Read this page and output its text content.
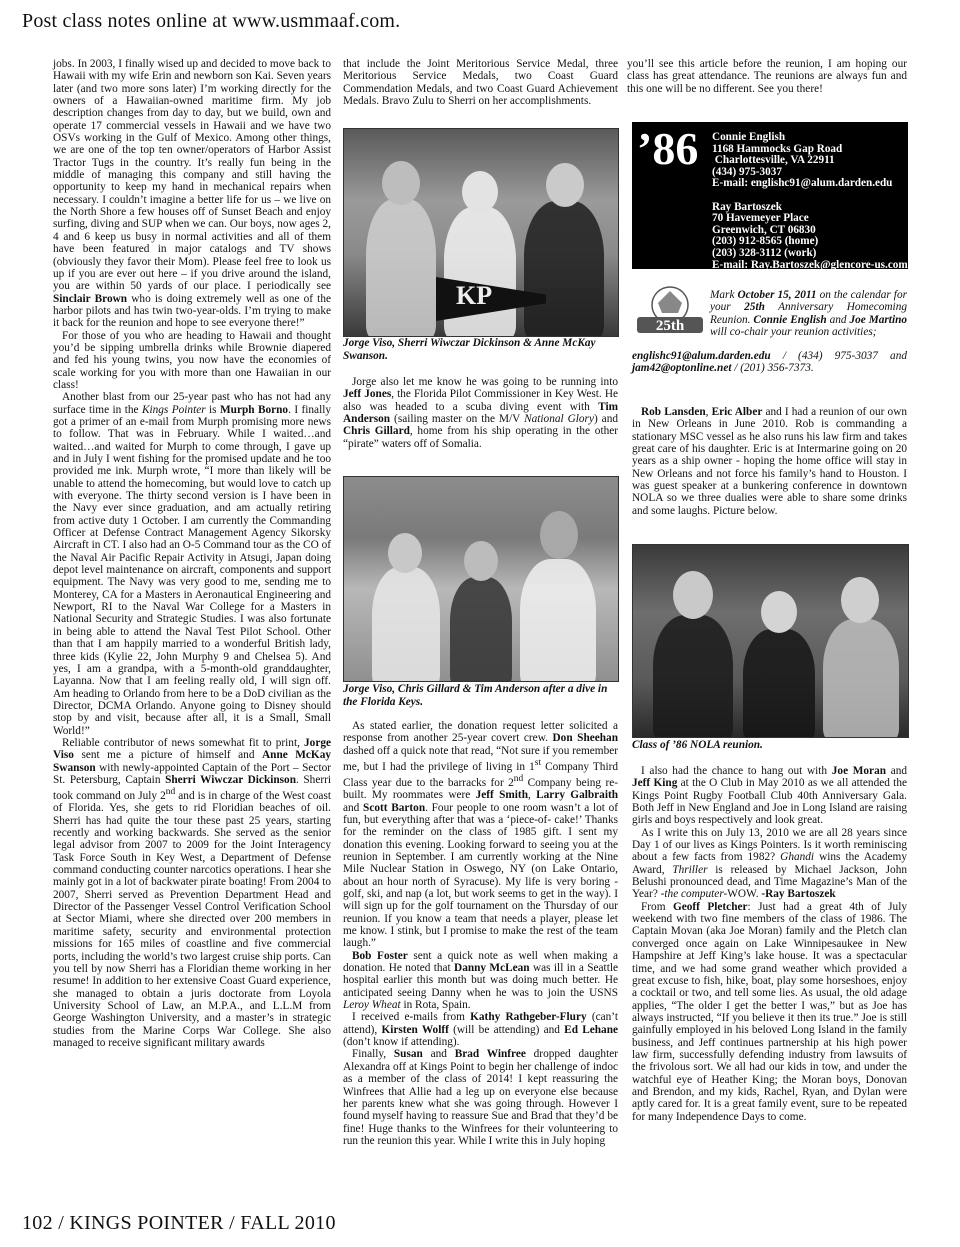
Post class notes online at www.usmmaaf.com.

jobs. In 2003, I finally wised up and decided to move back to Hawaii with my wife Erin and newborn son Kai. Seven years later (and two more sons later) I’m working directly for the owners of a Hawaiian-owned maritime firm. My job description changes from day to day, but we build, own and operate 17 commercial vessels in Hawaii and we have two OSVs working in the Gulf of Mexico. Among other things, we are one of the top ten owner/operators of Harbor Assist Tractor Tugs in the country. It’s really fun being in the middle of managing this company and still having the opportunity to keep my hand in mechanical repairs when necessary. I couldn’t imagine a better life for us – we live on the North Shore a few houses off of Sunset Beach and enjoy surfing, diving and SUP when we can. Our boys, now ages 2, 4 and 6 keep us busy in normal activities and all of them have been featured in major catalogs and TV shows (obviously they favor their Mom). Please feel free to look us up if you are ever out here – if you drive around the island, you are within 50 yards of our place. I periodically see Sinclair Brown who is doing extremely well as one of the harbor pilots and has twin two-year-olds. I’m trying to make it back for the reunion and hope to see everyone there!”

For those of you who are heading to Hawaii and thought you’d be sipping umbrella drinks while Brownie diapered and fed his young twins, you now have the economies of scale working for you with more than one Hawaiian in our class!

Another blast from our 25-year past who has not had any surface time in the Kings Pointer is Murph Borno. I finally got a primer of an e-mail from Murph promising more news to follow. That was in February. While I waited…and waited…and waited for Murph to come through, I gave up and in July I went fishing for the promised update and he too provided me ink. Murph wrote, “I more than likely will be unable to attend the homecoming, but would love to catch up with everyone. The thirty second version is I have been in the Navy ever since graduation, and am actually retiring from active duty 1 October. I am currently the Commanding Officer at Defense Contract Management Agency Sikorsky Aircraft in CT. I also had an O-5 Command tour as the CO of the Naval Air Pacific Repair Activity in Atsugi, Japan doing depot level maintenance on aircraft, components and support equipment. The Navy was very good to me, sending me to Monterey, CA for a Masters in Aeronautical Engineering and Newport, RI to the Naval War College for a Masters in National Security and Strategic Studies. I was also fortunate in being able to attend the Naval Test Pilot School. Other than that I am happily married to a wonderful British lady, three kids (Kylie 22, John Murphy 9 and Chelsea 5). And yes, I am a grandpa, with a 5-month-old granddaughter, Layanna. Now that I am feeling really old, I will sign off. Am heading to Orlando from here to be a DoD civilian as the Director, DCMA Orlando. Anyone going to Disney should stop by and visit, because after all, it is a Small, Small World!”

Reliable contributor of news somewhat fit to print, Jorge Viso sent me a picture of himself and Anne McKay Swanson with newly-appointed Captain of the Port – Sector St. Petersburg, Captain Sherri Wiwczar Dickinson. Sherri took command on July 2nd and is in charge of the West coast of Florida. Yes, she gets to rid Floridian beaches of oil. Sherri has had quite the tour these past 25 years, starting recently and working backwards. She served as the senior legal advisor from 2007 to 2009 for the Joint Interagency Task Force South in Key West, a Department of Defense command conducting counter narcotics operations. I hear she mainly got in a lot of backwater pirate boating! From 2004 to 2007, Sherri served as Prevention Department Head and Director of the Passenger Vessel Control Verification School at Sector Miami, where she directed over 200 members in maritime safety, security and environmental protection missions for 165 miles of coastline and five commercial ports, including the world’s two largest cruise ship ports. Can you tell by now Sherri has a Floridian theme working in her resume! In addition to her extensive Coast Guard experience, she managed to obtain a juris doctorate from Loyola University School of Law, an M.P.A., and L.L.M from George Washington University, and a master’s in strategic studies from the Marine Corps War College. She also managed to receive significant military awards

that include the Joint Meritorious Service Medal, three Meritorious Service Medals, two Coast Guard Commendation Medals, and two Coast Guard Achievement Medals. Bravo Zulu to Sherri on her accomplishments.

KP
Jorge Viso, Sherri Wiwczar Dickinson & Anne McKay Swanson.
Jorge also let me know he was going to be running into Jeff Jones, the Florida Pilot Commissioner in Key West. He also was headed to a scuba diving event with Tim Anderson (sailing master on the M/V National Glory) and Chris Gillard, home from his ship operating in the other “pirate” waters off of Somalia.
Jorge Viso, Chris Gillard & Tim Anderson after a dive in the Florida Keys.

As stated earlier, the donation request letter solicited a response from another 25-year covert crew. Don Sheehan dashed off a quick note that read, “Not sure if you remember me, but I had the privilege of living in 1st Company Third Class year due to the barracks for 2nd Company being re-built. My roommates were Jeff Smith, Larry Galbraith and Scott Barton. Four people to one room wasn’t a lot of fun, but everything after that was a ‘piece-of- cake!’ Thanks for the reminder on the class of 1985 gift. I sent my donation this evening. Looking forward to seeing you at the reunion in September. I am currently working at the Nine Mile Nuclear Station in Oswego, NY (on Lake Ontario, about an hour north of Syracuse). My life is very boring - golf, ski, and nap (a lot, but work seems to get in the way). I will sign up for the golf tournament on the Thursday of our reunion. If you know a team that needs a player, please let me know. I stink, but I promise to make the rest of the team laugh.”

Bob Foster sent a quick note as well when making a donation. He noted that Danny McLean was ill in a Seattle hospital earlier this month but was doing much better. He anticipated seeing Danny when he was to join the USNS Leroy Wheat in Rota, Spain.

I received e-mails from Kathy Rathgeber-Flury (can’t attend), Kirsten Wolff (will be attending) and Ed Lehane (don’t know if attending).

Finally, Susan and Brad Winfree dropped daughter Alexandra off at Kings Point to begin her challenge of indoc as a member of the class of 2014! I kept reassuring the Winfrees that Allie had a leg up on everyone else because her parents knew what she was going through. However I found myself having to reassure Sue and Brad that they’d be fine! Huge thanks to the Winfrees for their volunteering to run the reunion this year. While I write this in July hoping

you’ll see this article before the reunion, I am hoping our class has great attendance. The reunions are always fun and this one will be no different. See you there!

’86 Connie English
1168 Hammocks Gap Road
Charlottesville, VA 22911
(434) 975-3037
E-mail: englishc91@alum.darden.edu

Ray Bartoszek
70 Havemeyer Place
Greenwich, CT 06830
(203) 912-8565 (home)
(203) 328-3112 (work)
E-mail: Ray.Bartoszek@glencore-us.com
25th
Mark October 15, 2011 on the calendar for your 25th Anniversary Homecoming Reunion. Connie English and Joe Martino will co-chair your reunion activities;
englishc91@alum.darden.edu / (434) 975-3037 and jam42@optonline.net / (201) 356-7373.
Rob Lansden, Eric Alber and I had a reunion of our own in New Orleans in June 2010. Rob is commanding a stationary MSC vessel as he also runs his law firm and takes great care of his daughter. Eric is at Intermarine going on 20 years as a ship owner - hoping the home office will stay in New Orleans and not force his family’s hand to Houston. I was guest speaker at a bunkering conference in downtown NOLA so we three dualies were able to share some drinks and some laughs. Picture below.
Class of ’86 NOLA reunion.

I also had the chance to hang out with Joe Moran and Jeff King at the O Club in May 2010 as we all attended the Kings Point Rugby Football Club 40th Anniversary Gala. Both Jeff in New England and Joe in Long Island are raising girls and boys respectively and look great.

As I write this on July 13, 2010 we are all 28 years since Day 1 of our lives as Kings Pointers. Is it worth reminiscing about a few facts from 1982? Ghandi wins the Academy Award, Thriller is released by Michael Jackson, John Belushi pronounced dead, and Time Magazine’s Man of the Year? -the computer-WOW. -Ray Bartoszek

From Geoff Pletcher: Just had a great 4th of July weekend with two fine members of the class of 1986. The Captain Movan (aka Joe Moran) family and the Pletch clan converged once again on Lake Winnipesaukee in New Hampshire at Jeff King’s lake house. It was a spectacular time, and we had some grand weather which provided a great excuse to fish, hike, boat, play some horseshoes, enjoy a cocktail or two, and tell some lies. As usual, the old adage applies, “The older I get the better I was,” but as Joe has always instructed, “If you believe it then its true.” Joe is still gainfully employed in his beloved Long Island in the family business, and Jeff continues partnership at his high power law firm, successfully defending industry from lawsuits of the frivolous sort. We all had our kids in tow, and under the watchful eye of Heather King; the Moran boys, Donovan and Brendon, and my kids, Rachel, Ryan, and Dylan were aptly cared for. It is a great family event, sure to be repeated for many Independence Days to come.

102 / KINGS POINTER / FALL 2010
